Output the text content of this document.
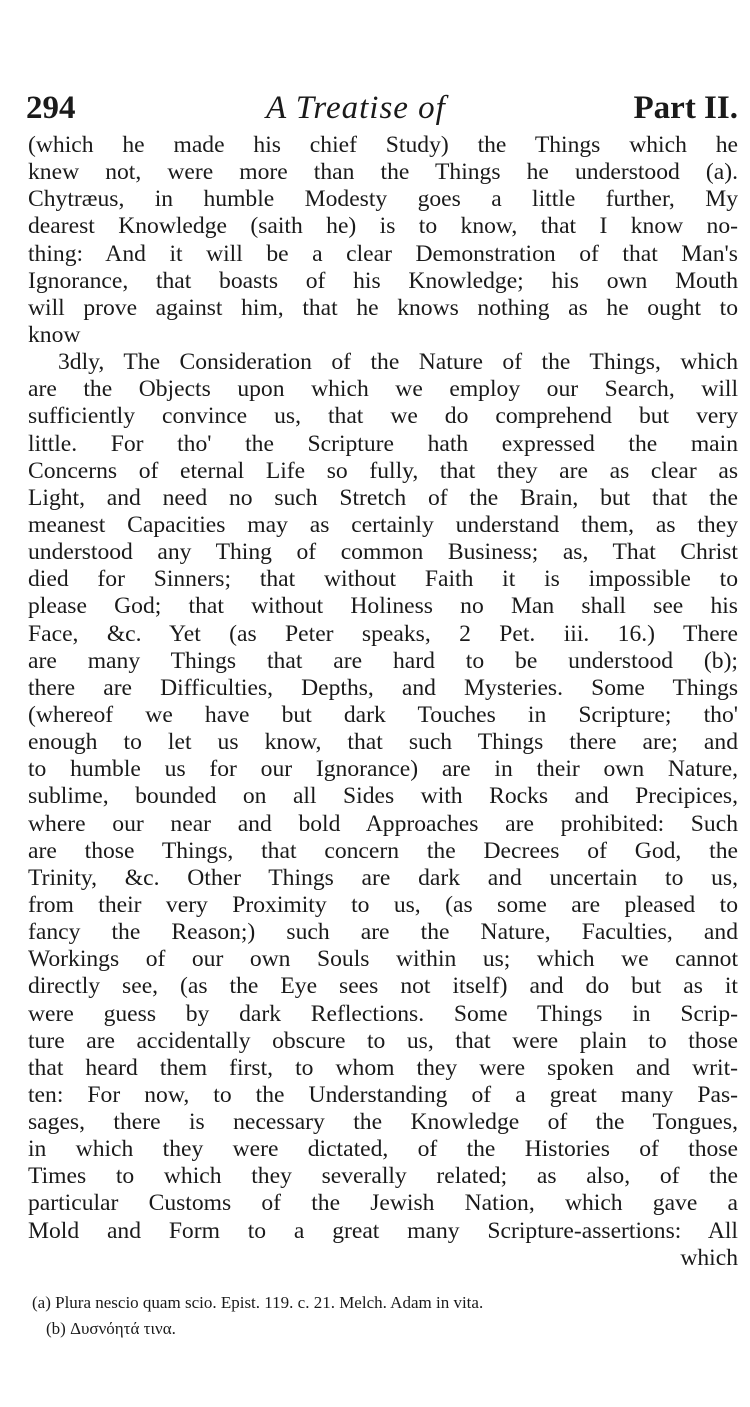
294	A Treatise of	Part II.
(which he made his chief Study) the Things which he
knew not, were more than the Things he understood (a).
Chytræus, in humble Modesty goes a little further, My
dearest Knowledge (saith he) is to know, that I know no-
thing: And it will be a clear Demonstration of that Man's
Ignorance, that boasts of his Knowledge; his own Mouth
will prove against him, that he knows nothing as he ought to
know
3dly, The Consideration of the Nature of the Things, which
are the Objects upon which we employ our Search, will
sufficiently convince us, that we do comprehend but very
little. For tho' the Scripture hath expressed the main
Concerns of eternal Life so fully, that they are as clear as
Light, and need no such Stretch of the Brain, but that the
meanest Capacities may as certainly understand them, as they
understood any Thing of common Business; as, That Christ
died for Sinners; that without Faith it is impossible to
please God; that without Holiness no Man shall see his
Face, &c. Yet (as Peter speaks, 2 Pet. iii. 16.) There
are many Things that are hard to be understood (b);
there are Difficulties, Depths, and Mysteries. Some Things
(whereof we have but dark Touches in Scripture; tho'
enough to let us know, that such Things there are; and
to humble us for our Ignorance) are in their own Nature,
sublime, bounded on all Sides with Rocks and Precipices,
where our near and bold Approaches are prohibited: Such
are those Things, that concern the Decrees of God, the
Trinity, &c. Other Things are dark and uncertain to us,
from their very Proximity to us, (as some are pleased to
fancy the Reason;) such are the Nature, Faculties, and
Workings of our own Souls within us; which we cannot
directly see, (as the Eye sees not itself) and do but as it
were guess by dark Reflections. Some Things in Scrip-
ture are accidentally obscure to us, that were plain to those
that heard them first, to whom they were spoken and writ-
ten: For now, to the Understanding of a great many Pas-
sages, there is necessary the Knowledge of the Tongues,
in which they were dictated, of the Histories of those
Times to which they severally related; as also, of the
particular Customs of the Jewish Nation, which gave a
Mold and Form to a great many Scripture-assertions: All
which
(a) Plura nescio quam scio. Epist. 119. c. 21. Melch. Adam in vita.
(b) Δυσνόητά τινα.
